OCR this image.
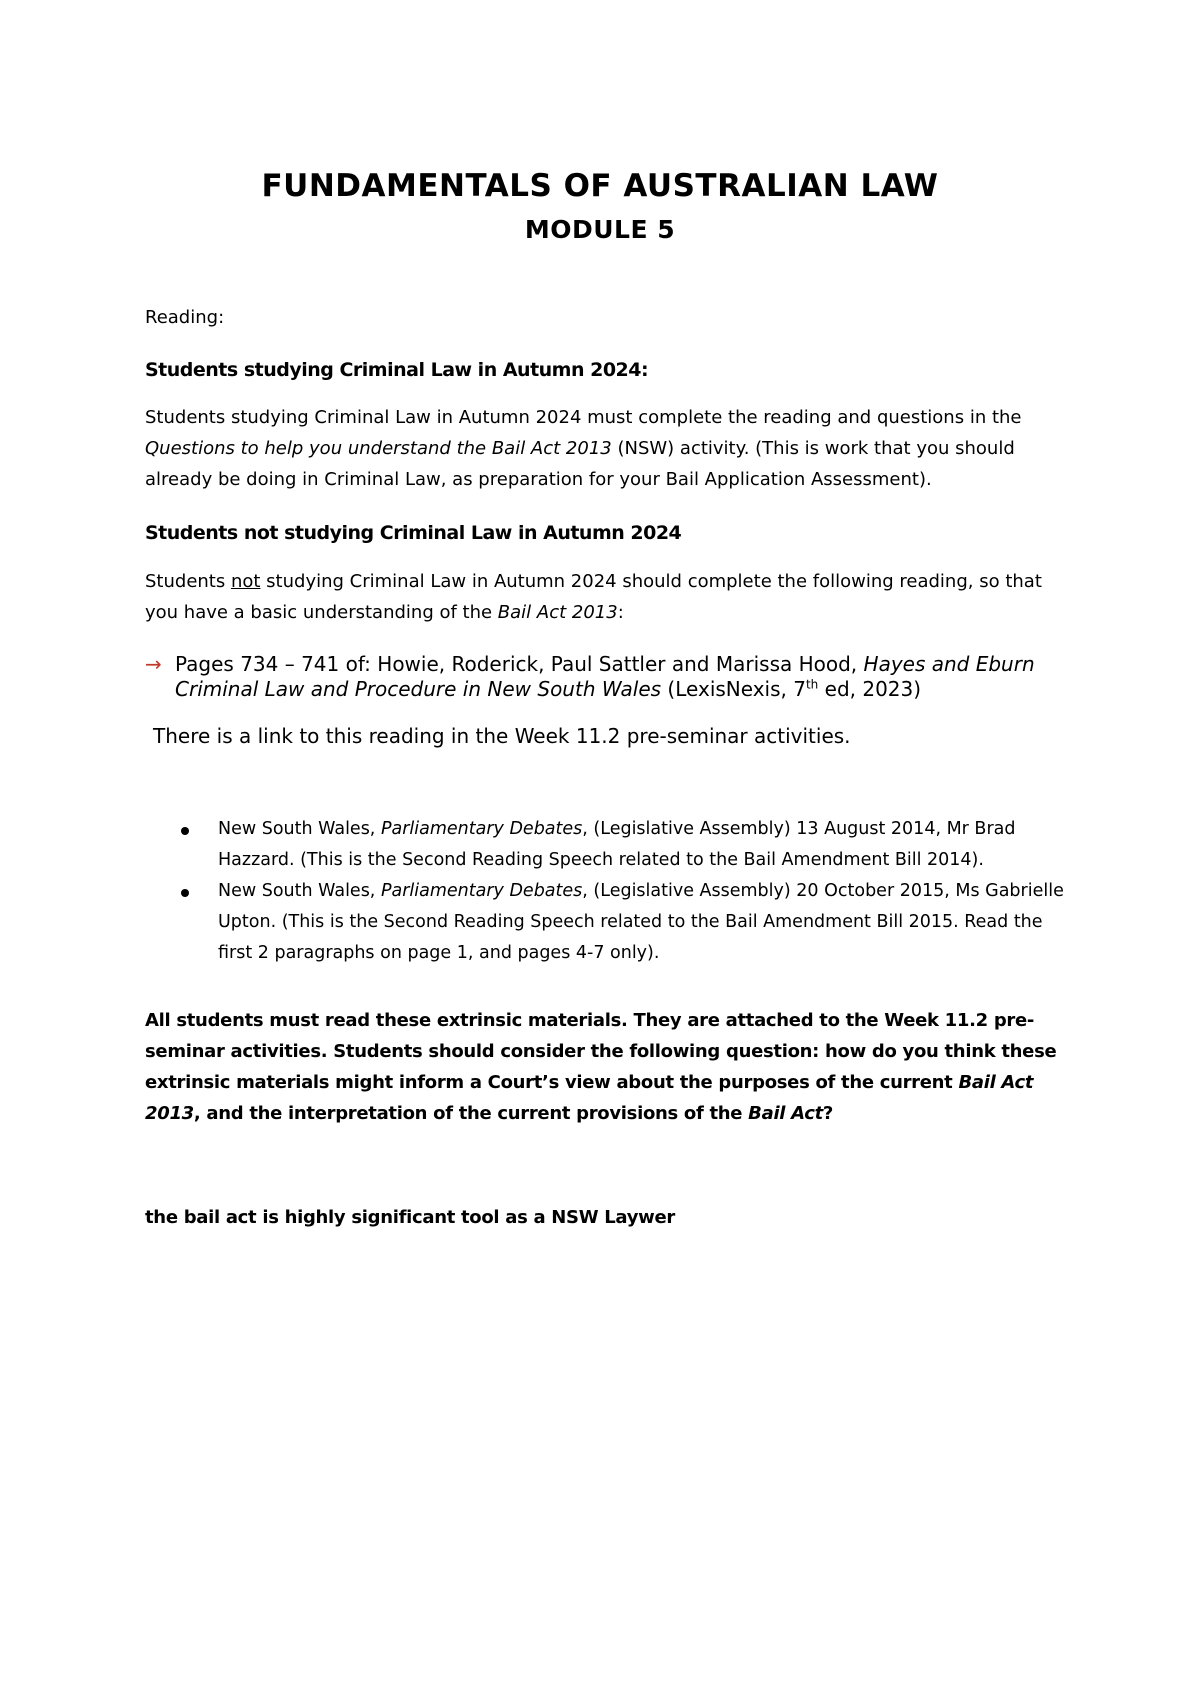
FUNDAMENTALS OF AUSTRALIAN LAW
MODULE 5
Reading:
Students studying Criminal Law in Autumn 2024:
Students studying Criminal Law in Autumn 2024 must complete the reading and questions in the Questions to help you understand the Bail Act 2013 (NSW) activity. (This is work that you should already be doing in Criminal Law, as preparation for your Bail Application Assessment).
Students not studying Criminal Law in Autumn 2024
Students not studying Criminal Law in Autumn 2024 should complete the following reading, so that you have a basic understanding of the Bail Act 2013:
→ Pages 734 – 741 of: Howie, Roderick, Paul Sattler and Marissa Hood, Hayes and Eburn Criminal Law and Procedure in New South Wales (LexisNexis, 7th ed, 2023)
There is a link to this reading in the Week 11.2 pre-seminar activities.
New South Wales, Parliamentary Debates, (Legislative Assembly) 13 August 2014, Mr Brad Hazzard. (This is the Second Reading Speech related to the Bail Amendment Bill 2014).
New South Wales, Parliamentary Debates, (Legislative Assembly) 20 October 2015, Ms Gabrielle Upton. (This is the Second Reading Speech related to the Bail Amendment Bill 2015. Read the first 2 paragraphs on page 1, and pages 4-7 only).
All students must read these extrinsic materials. They are attached to the Week 11.2 pre-seminar activities. Students should consider the following question: how do you think these extrinsic materials might inform a Court’s view about the purposes of the current Bail Act 2013, and the interpretation of the current provisions of the Bail Act?
the bail act is highly significant tool as a NSW Laywer
